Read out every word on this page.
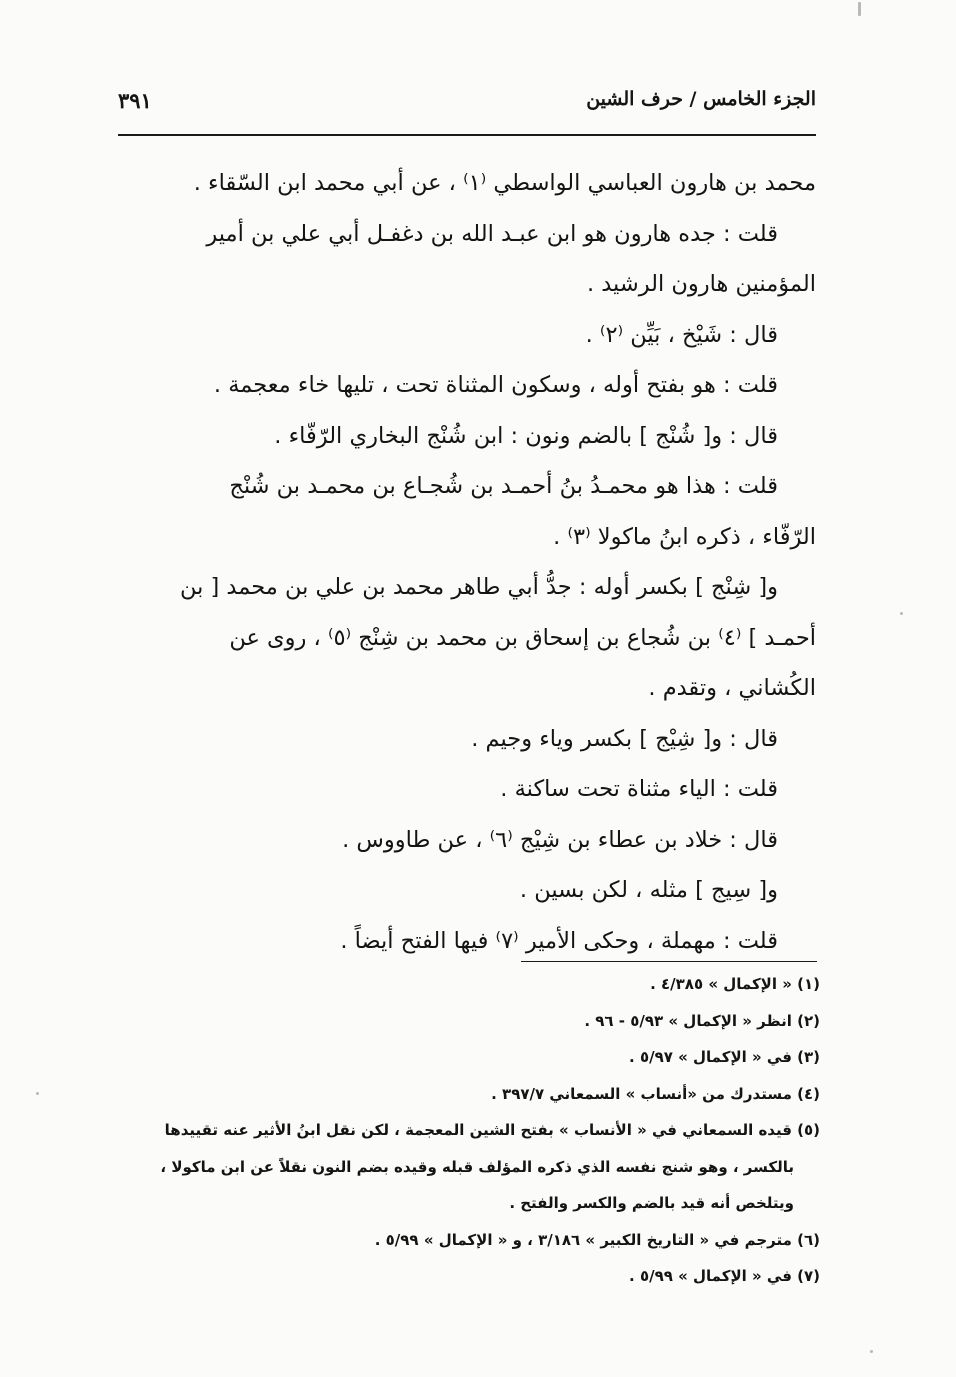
الجزء الخامس / حرف الشين
٣٩١
محمد بن هارون العباسي الواسطي ⁽١⁾ ، عن أبي محمد ابن السّقاء .
قلت : جده هارون هو ابن عبـد الله بن دغفـل أبي علي بن أمير
المؤمنين هارون الرشيد .
قال : شَيْخ ، بَيِّن ⁽٢⁾ .
قلت : هو بفتح أوله ، وسكون المثناة تحت ، تليها خاء معجمة .
قال : و[ شُنْج ] بالضم ونون : ابن شُنْج البخاري الرّفّاء .
قلت : هذا هو محمـدُ بنُ أحمـد بن شُجـاع بن محمـد بن شُنْج
الرّفّاء ، ذكره ابنُ ماكولا ⁽٣⁾ .
و[ شِنْج ] بكسر أوله : جدُّ أبي طاهر محمد بن علي بن محمد [ بن
أحمـد ] ⁽٤⁾ بن شُجاع بن إسحاق بن محمد بن شِنْج ⁽٥⁾ ، روى عن
الكُشاني ، وتقدم .
قال : و[ شِيْج ] بكسر وياء وجيم .
قلت : الياء مثناة تحت ساكنة .
قال : خلاد بن عطاء بن شِيْج ⁽٦⁾ ، عن طاووس .
و[ سِيج ] مثله ، لكن بسين .
قلت : مهملة ، وحكى الأمير ⁽٧⁾ فيها الفتح أيضاً .
(١) « الإكمال » ٤/٣٨٥ .
(٢) انظر « الإكمال » ٥/٩٣ - ٩٦ .
(٣) في « الإكمال » ٥/٩٧ .
(٤) مستدرك من «أنساب » السمعاني ٣٩٧/٧ .
(٥) قيده السمعاني في « الأنساب » بفتح الشين المعجمة ، لكن نقل ابنُ الأثير عنه تقييدها
بالكسر ، وهو شنج نفسه الذي ذكره المؤلف قبله وقيده بضم النون نقلاً عن ابن ماكولا ،
ويتلخص أنه قيد بالضم والكسر والفتح .
(٦) مترجم في « التاريخ الكبير » ٣/١٨٦ ، و « الإكمال » ٥/٩٩ .
(٧) في « الإكمال » ٥/٩٩ .
